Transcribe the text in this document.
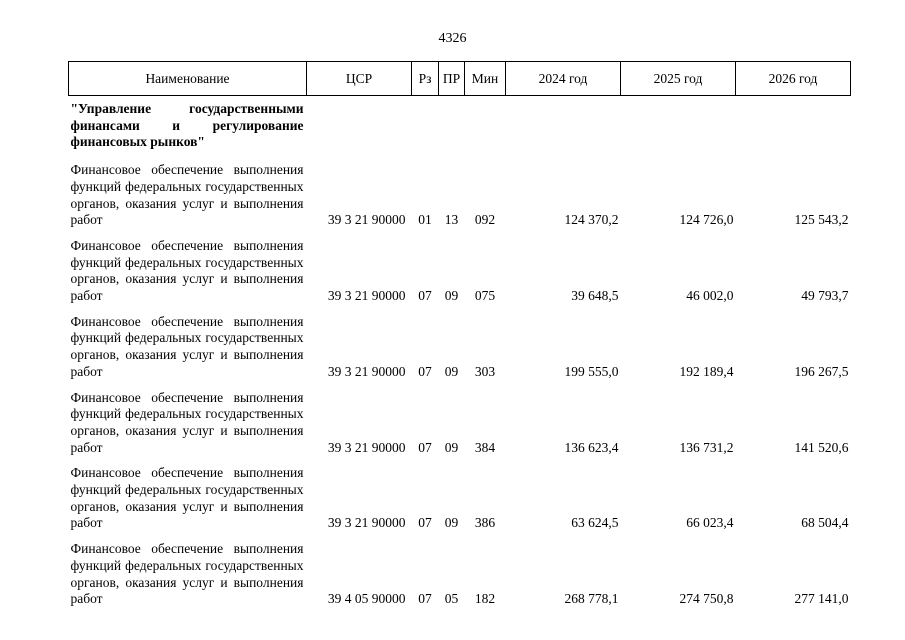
4326
Наименование	ЦСР	Рз	ПР	Мин	2024 год	2025 год	2026 год
"Управление государственными финансами и регулирование финансовых рынков"							
Финансовое обеспечение выполнения функций федеральных государственных органов, оказания услуг и выполнения работ	39 3 21 90000	01	13	092	124 370,2	124 726,0	125 543,2
Финансовое обеспечение выполнения функций федеральных государственных органов, оказания услуг и выполнения работ	39 3 21 90000	07	09	075	39 648,5	46 002,0	49 793,7
Финансовое обеспечение выполнения функций федеральных государственных органов, оказания услуг и выполнения работ	39 3 21 90000	07	09	303	199 555,0	192 189,4	196 267,5
Финансовое обеспечение выполнения функций федеральных государственных органов, оказания услуг и выполнения работ	39 3 21 90000	07	09	384	136 623,4	136 731,2	141 520,6
Финансовое обеспечение выполнения функций федеральных государственных органов, оказания услуг и выполнения работ	39 3 21 90000	07	09	386	63 624,5	66 023,4	68 504,4
Финансовое обеспечение выполнения функций федеральных государственных органов, оказания услуг и выполнения работ	39 4 05 90000	07	05	182	268 778,1	274 750,8	277 141,0
